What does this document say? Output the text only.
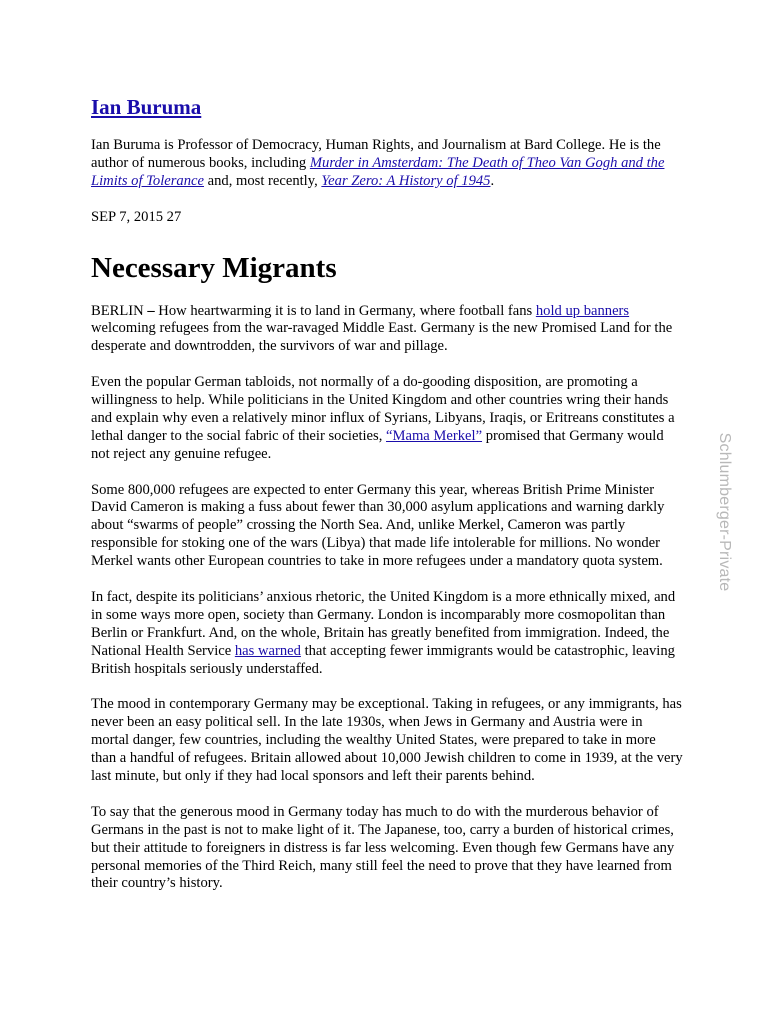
Ian Buruma

Ian Buruma is Professor of Democracy, Human Rights, and Journalism at Bard College. He is the author of numerous books, including Murder in Amsterdam: The Death of Theo Van Gogh and the Limits of Tolerance and, most recently, Year Zero: A History of 1945.

SEP 7, 2015 27

Necessary Migrants

BERLIN – How heartwarming it is to land in Germany, where football fans hold up banners welcoming refugees from the war-ravaged Middle East. Germany is the new Promised Land for the desperate and downtrodden, the survivors of war and pillage.

Even the popular German tabloids, not normally of a do-gooding disposition, are promoting a willingness to help. While politicians in the United Kingdom and other countries wring their hands and explain why even a relatively minor influx of Syrians, Libyans, Iraqis, or Eritreans constitutes a lethal danger to the social fabric of their societies, “Mama Merkel” promised that Germany would not reject any genuine refugee.

Some 800,000 refugees are expected to enter Germany this year, whereas British Prime Minister David Cameron is making a fuss about fewer than 30,000 asylum applications and warning darkly about “swarms of people” crossing the North Sea. And, unlike Merkel, Cameron was partly responsible for stoking one of the wars (Libya) that made life intolerable for millions. No wonder Merkel wants other European countries to take in more refugees under a mandatory quota system.

In fact, despite its politicians’ anxious rhetoric, the United Kingdom is a more ethnically mixed, and in some ways more open, society than Germany. London is incomparably more cosmopolitan than Berlin or Frankfurt. And, on the whole, Britain has greatly benefited from immigration. Indeed, the National Health Service has warned that accepting fewer immigrants would be catastrophic, leaving British hospitals seriously understaffed.

The mood in contemporary Germany may be exceptional. Taking in refugees, or any immigrants, has never been an easy political sell. In the late 1930s, when Jews in Germany and Austria were in mortal danger, few countries, including the wealthy United States, were prepared to take in more than a handful of refugees. Britain allowed about 10,000 Jewish children to come in 1939, at the very last minute, but only if they had local sponsors and left their parents behind.

To say that the generous mood in Germany today has much to do with the murderous behavior of Germans in the past is not to make light of it. The Japanese, too, carry a burden of historical crimes, but their attitude to foreigners in distress is far less welcoming. Even though few Germans have any personal memories of the Third Reich, many still feel the need to prove that they have learned from their country’s history.

Schlumberger-Private
